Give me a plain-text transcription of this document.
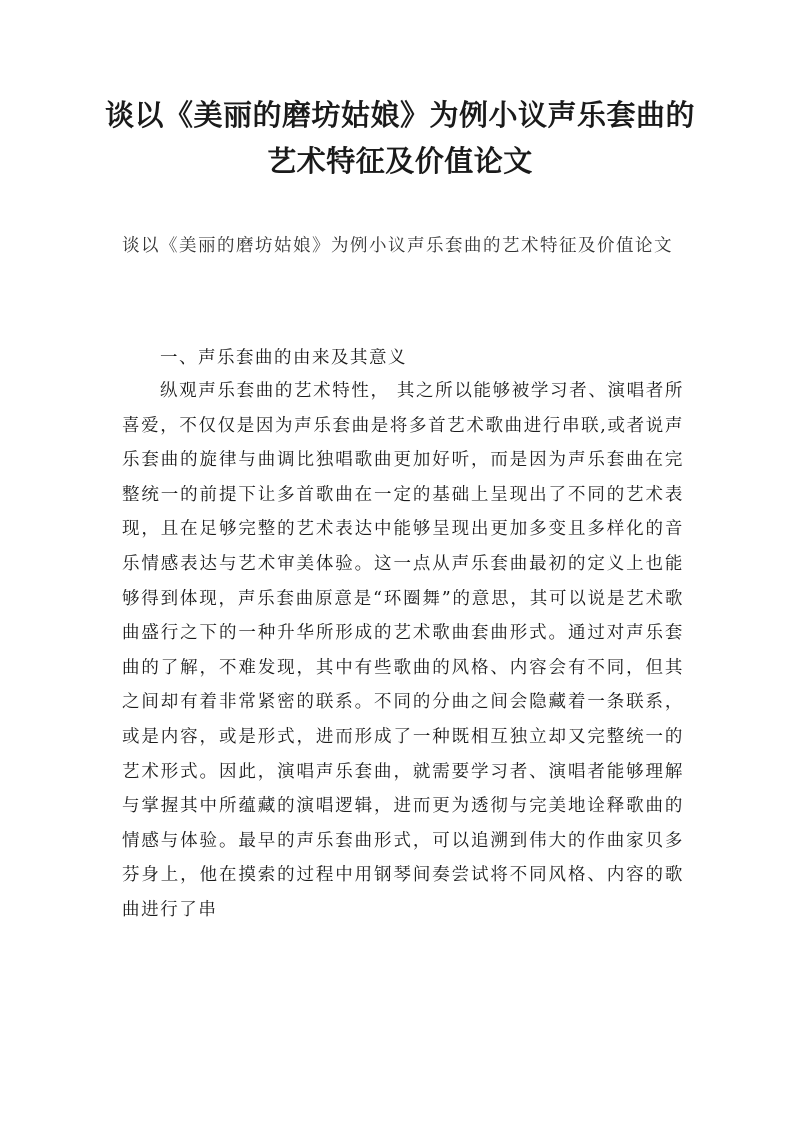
谈以《美丽的磨坊姑娘》为例小议声乐套曲的艺术特征及价值论文

谈以《美丽的磨坊姑娘》为例小议声乐套曲的艺术特征及价值论文

一、声乐套曲的由来及其意义

纵观声乐套曲的艺术特性， 其之所以能够被学习者、演唱者所喜爱，不仅仅是因为声乐套曲是将多首艺术歌曲进行串联,或者说声乐套曲的旋律与曲调比独唱歌曲更加好听，而是因为声乐套曲在完整统一的前提下让多首歌曲在一定的基础上呈现出了不同的艺术表现，且在足够完整的艺术表达中能够呈现出更加多变且多样化的音乐情感表达与艺术审美体验。这一点从声乐套曲最初的定义上也能够得到体现，声乐套曲原意是“环圈舞”的意思，其可以说是艺术歌曲盛行之下的一种升华所形成的艺术歌曲套曲形式。通过对声乐套曲的了解，不难发现，其中有些歌曲的风格、内容会有不同，但其之间却有着非常紧密的联系。不同的分曲之间会隐藏着一条联系，或是内容，或是形式，进而形成了一种既相互独立却又完整统一的艺术形式。因此，演唱声乐套曲，就需要学习者、演唱者能够理解与掌握其中所蕴藏的演唱逻辑，进而更为透彻与完美地诠释歌曲的情感与体验。最早的声乐套曲形式，可以追溯到伟大的作曲家贝多芬身上，他在摸索的过程中用钢琴间奏尝试将不同风格、内容的歌曲进行了串
